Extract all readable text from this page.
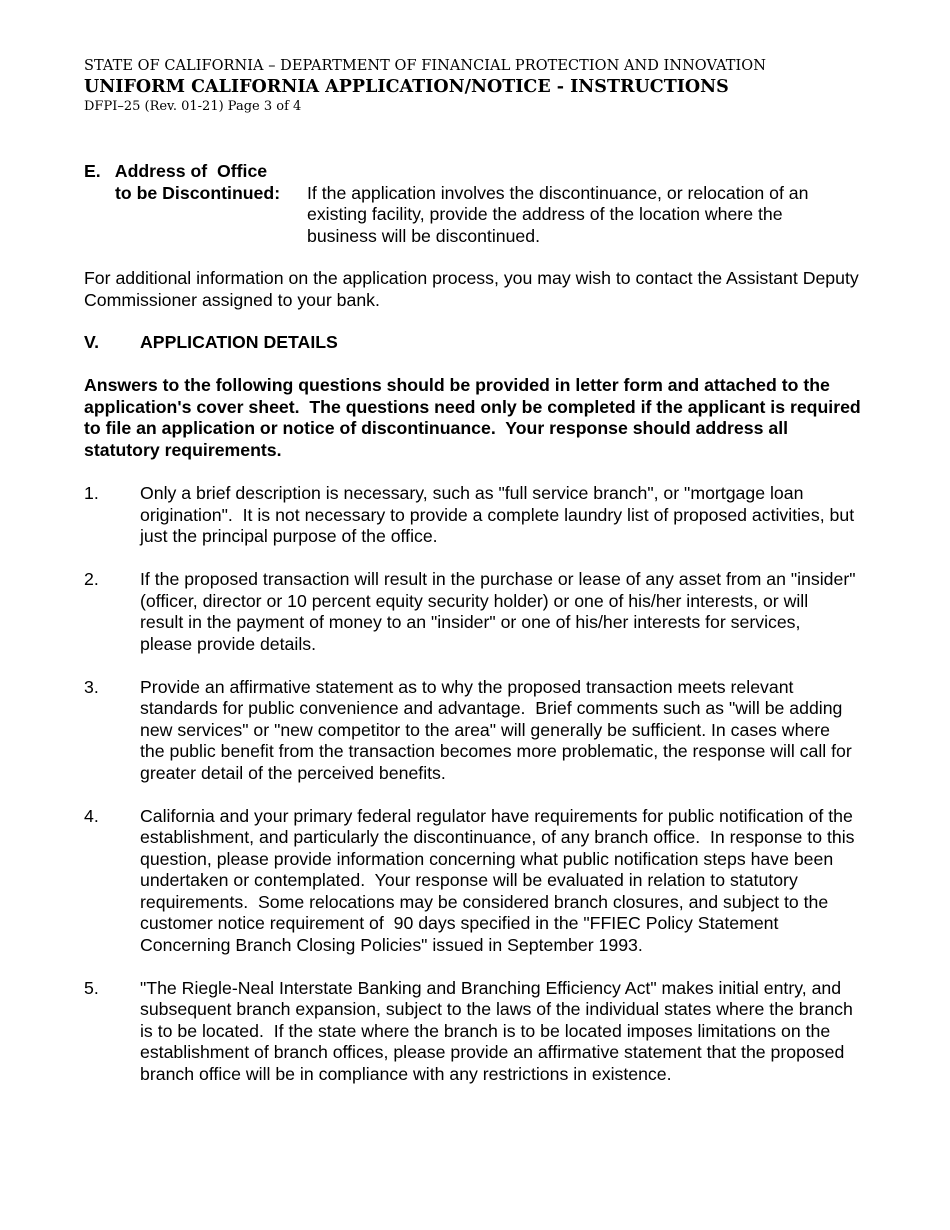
STATE OF CALIFORNIA – DEPARTMENT OF FINANCIAL PROTECTION AND INNOVATION
UNIFORM CALIFORNIA APPLICATION/NOTICE - INSTRUCTIONS
DFPI–25 (Rev. 01-21) Page 3 of 4
E.   Address of  Office
to be Discontinued:	If the application involves the discontinuance, or relocation of an existing facility, provide the address of the location where the business will be discontinued.
For additional information on the application process, you may wish to contact the Assistant Deputy Commissioner assigned to your bank.
V. APPLICATION DETAILS
Answers to the following questions should be provided in letter form and attached to the application's cover sheet.  The questions need only be completed if the applicant is required to file an application or notice of discontinuance.  Your response should address all statutory requirements.
1.	Only a brief description is necessary, such as "full service branch", or "mortgage loan origination".  It is not necessary to provide a complete laundry list of proposed activities, but just the principal purpose of the office.
2.	If the proposed transaction will result in the purchase or lease of any asset from an "insider" (officer, director or 10 percent equity security holder) or one of his/her interests, or will result in the payment of money to an "insider" or one of his/her interests for services, please provide details.
3.	Provide an affirmative statement as to why the proposed transaction meets relevant standards for public convenience and advantage.  Brief comments such as "will be adding new services" or "new competitor to the area" will generally be sufficient. In cases where the public benefit from the transaction becomes more problematic, the response will call for greater detail of the perceived benefits.
4.	California and your primary federal regulator have requirements for public notification of the establishment, and particularly the discontinuance, of any branch office.  In response to this question, please provide information concerning what public notification steps have been undertaken or contemplated.  Your response will be evaluated in relation to statutory requirements.  Some relocations may be considered branch closures, and subject to the customer notice requirement of  90 days specified in the "FFIEC Policy Statement Concerning Branch Closing Policies" issued in September 1993.
5.	"The Riegle-Neal Interstate Banking and Branching Efficiency Act" makes initial entry, and subsequent branch expansion, subject to the laws of the individual states where the branch is to be located.  If the state where the branch is to be located imposes limitations on the establishment of branch offices, please provide an affirmative statement that the proposed branch office will be in compliance with any restrictions in existence.
